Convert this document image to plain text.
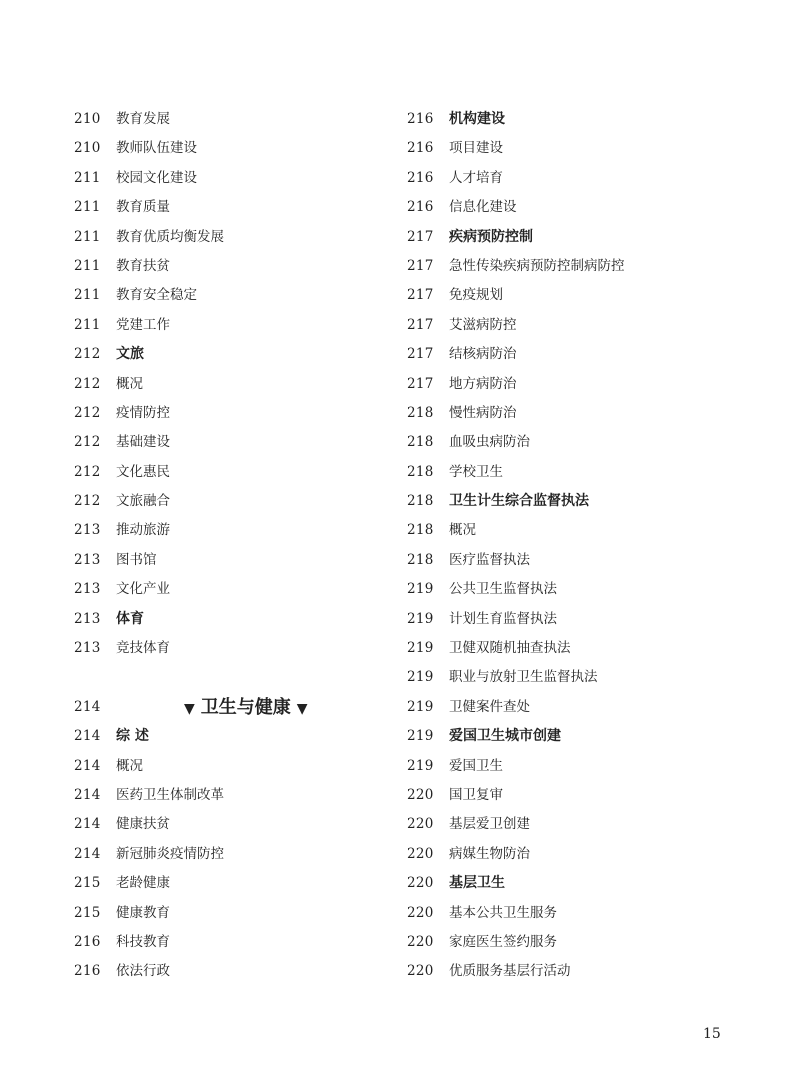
210 教育发展
210 教师队伍建设
211 校园文化建设
211 教育质量
211 教育优质均衡发展
211 教育扶贫
211 教育安全稳定
211 党建工作
212 文旅
212 概况
212 疫情防控
212 基础建设
212 文化惠民
212 文旅融合
213 推动旅游
213 图书馆
213 文化产业
213 体育
213 竞技体育
214	▼ 卫生与健康 ▼
214 综 述
214 概况
214 医药卫生体制改革
214 健康扶贫
214 新冠肺炎疫情防控
215 老龄健康
215 健康教育
216 科技教育
216 依法行政
216 机构建设
216 项目建设
216 人才培育
216 信息化建设
217 疾病预防控制
217 急性传染疾病预防控制病防控
217 免疫规划
217 艾滋病防控
217 结核病防治
217 地方病防治
218 慢性病防治
218 血吸虫病防治
218 学校卫生
218 卫生计生综合监督执法
218 概况
218 医疗监督执法
219 公共卫生监督执法
219 计划生育监督执法
219 卫健双随机抽查执法
219 职业与放射卫生监督执法
219 卫健案件查处
219 爱国卫生城市创建
219 爱国卫生
220 国卫复审
220 基层爱卫创建
220 病媒生物防治
220 基层卫生
220 基本公共卫生服务
220 家庭医生签约服务
220 优质服务基层行活动
15
